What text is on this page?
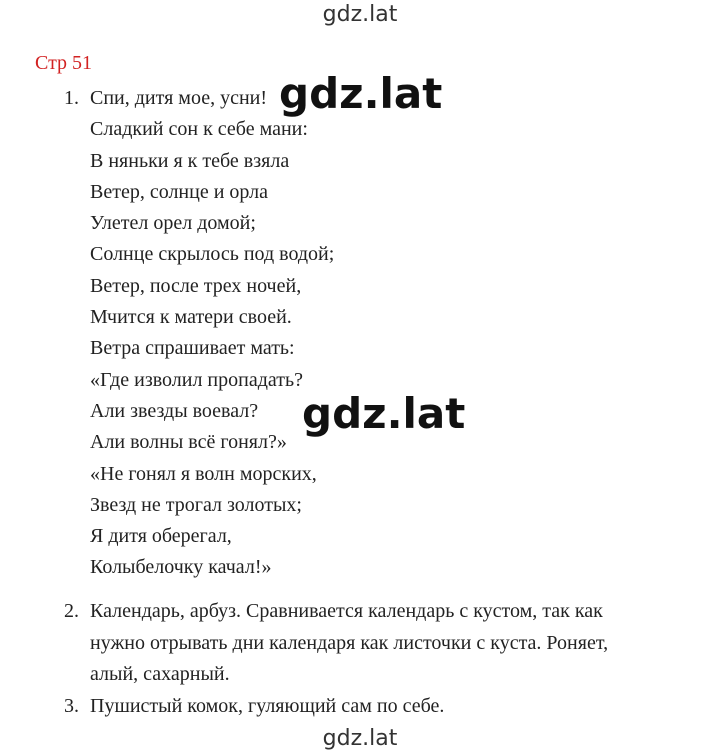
gdz.lat
Стр 51
1. Спи, дитя мое, усни!
Сладкий сон к себе мани:
В няньки я к тебе взяла
Ветер, солнце и орла
Улетел орел домой;
Солнце скрылось под водой;
Ветер, после трех ночей,
Мчится к матери своей.
Ветра спрашивает мать:
«Где изволил пропадать?
Али звезды воевал?
Али волны всё гонял?»
«Не гонял я волн морских,
Звезд не трогал золотых;
Я дитя оберегал,
Колыбелочку качал!»
2. Календарь, арбуз. Сравнивается календарь с кустом, так как
нужно отрывать дни календаря как листочки с куста. Роняет,
алый, сахарный.
3. Пушистый комок, гуляющий сам по себе.
gdz.lat
gdz.lat
gdz.lat
